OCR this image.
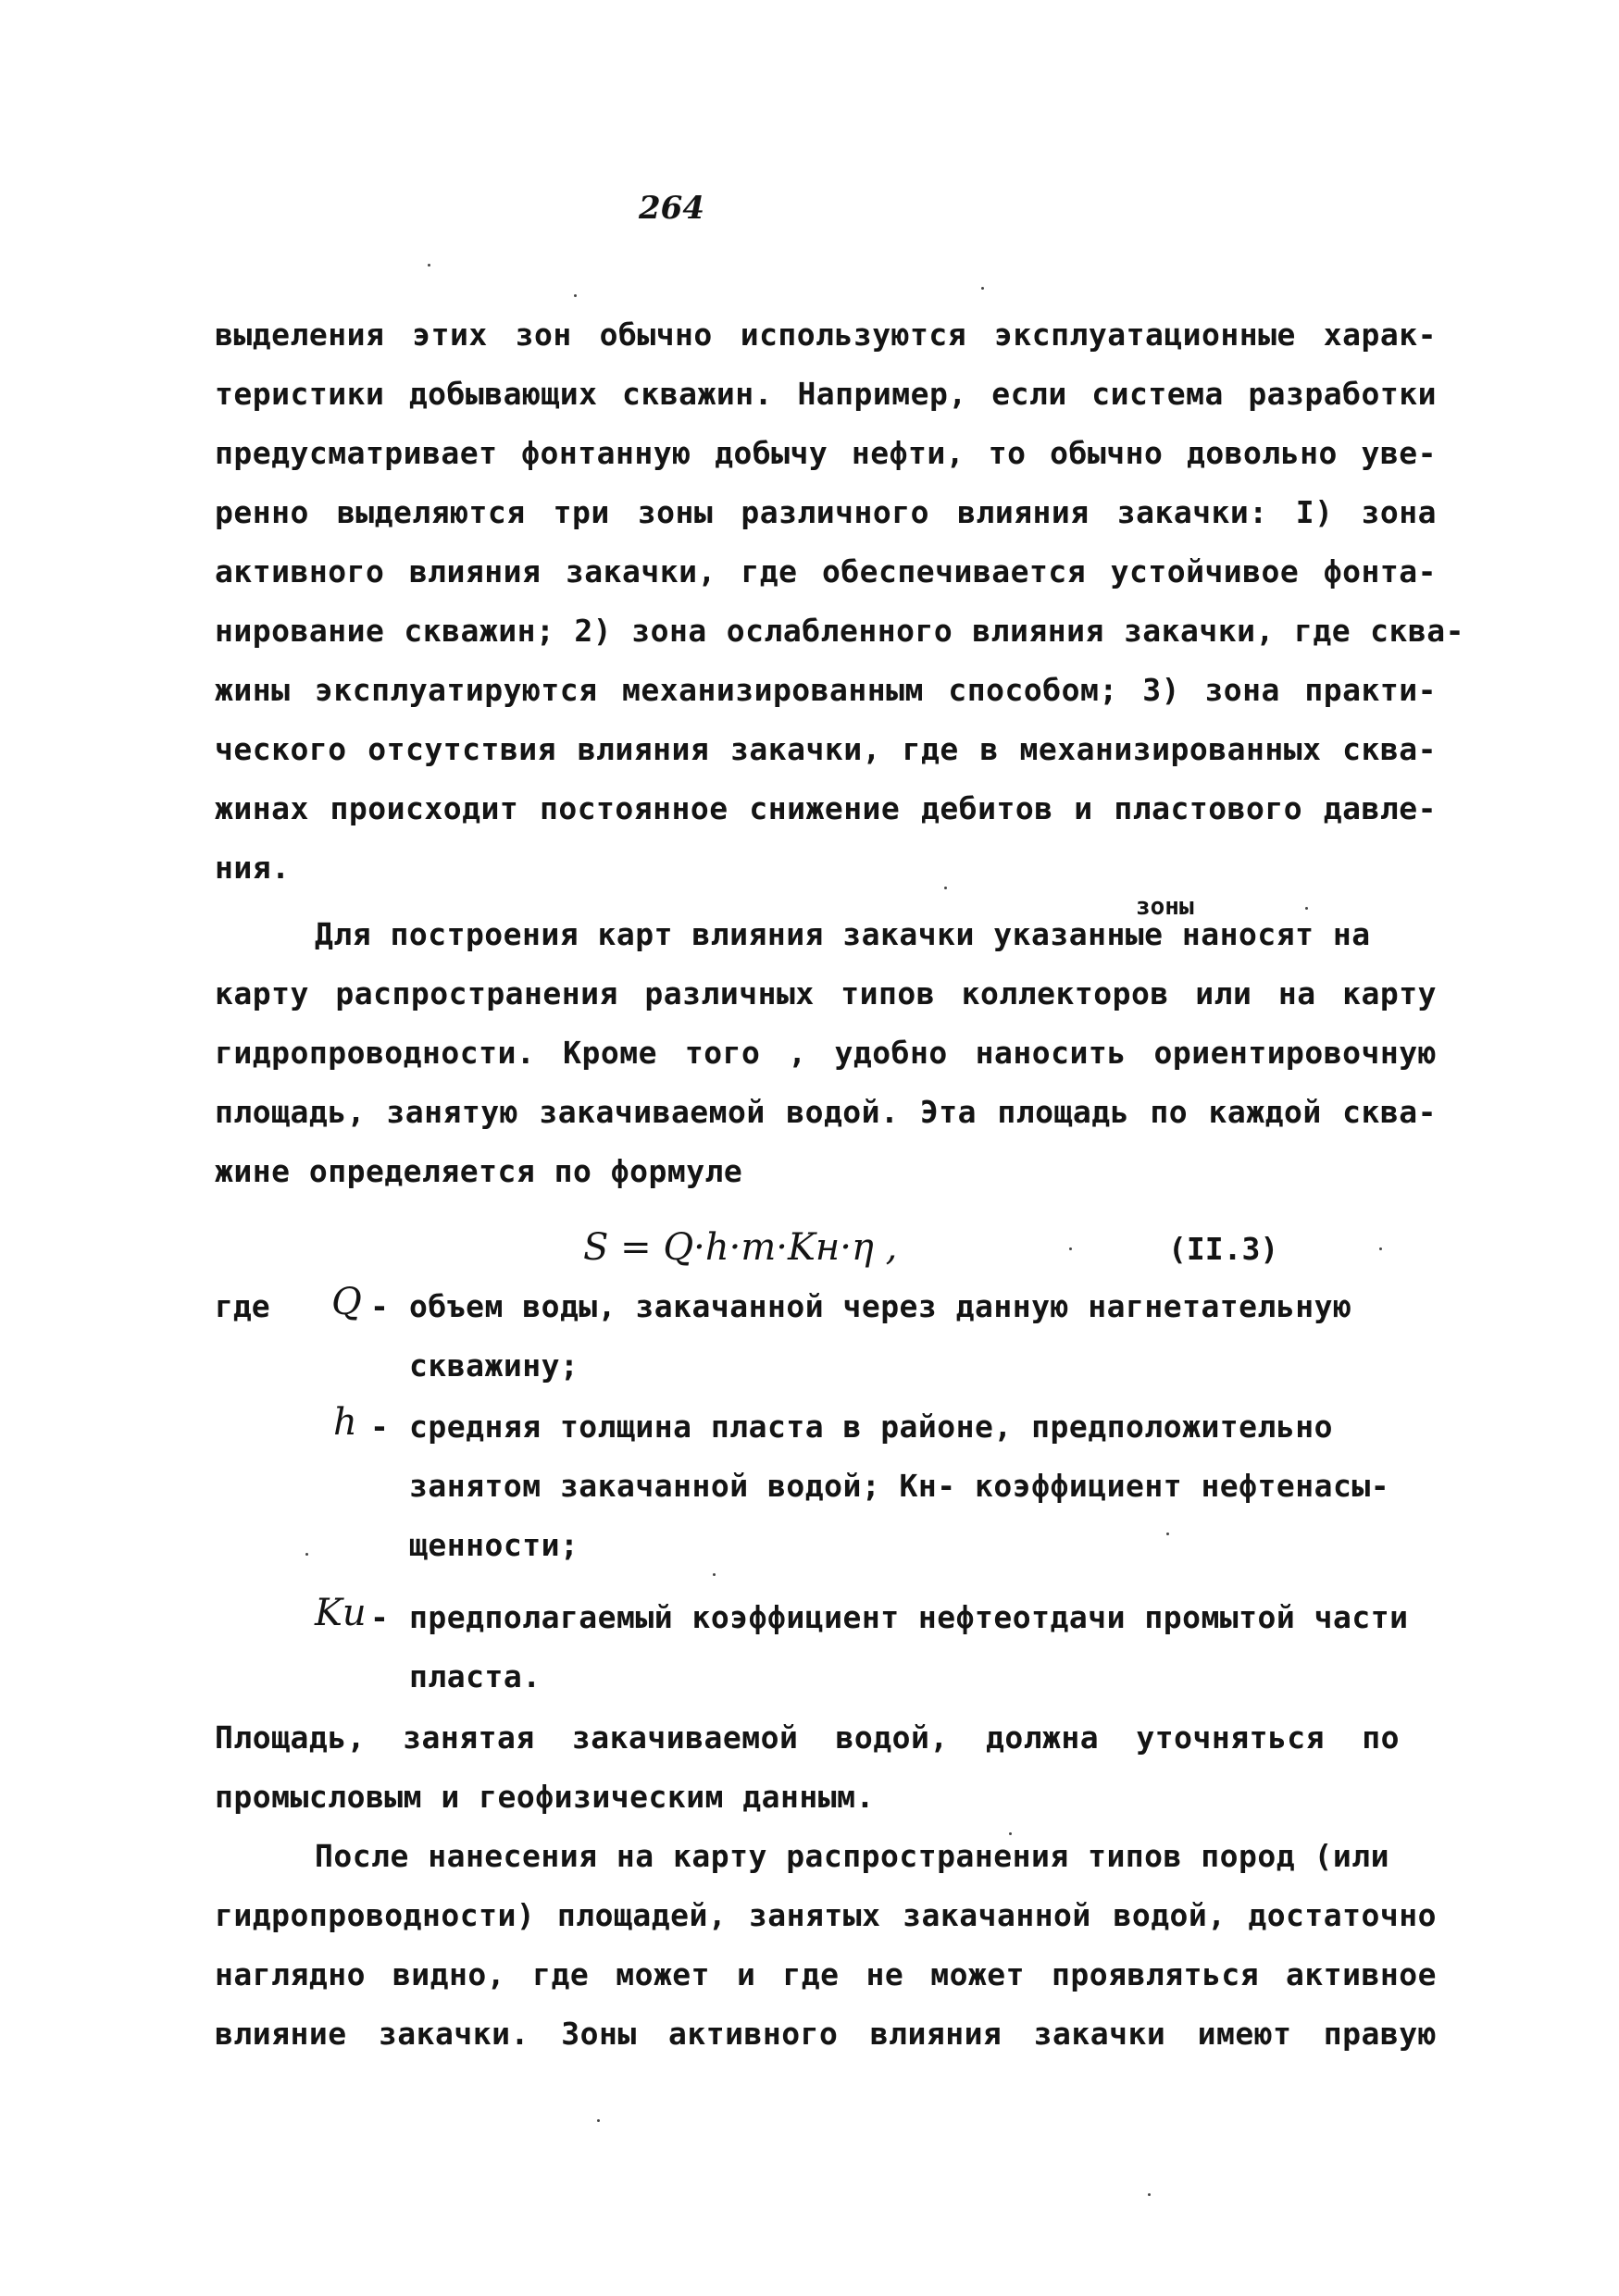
264
выделения этих зон обычно используются эксплуатационные харак-
теристики добывающих скважин. Например, если система разработки
предусматривает фонтанную добычу нефти, то обычно довольно уве-
ренно выделяются три зоны различного влияния закачки: I) зона
активного влияния закачки, где обеспечивается устойчивое фонта-
нирование скважин; 2) зона ослабленного влияния закачки, где сква-
жины эксплуатируются механизированным способом; 3) зона практи-
ческого отсутствия влияния закачки, где в механизированных сква-
жинах происходит постоянное снижение дебитов и пластового давле-
ния.
зоны
Для построения карт влияния закачки указанные наносят на
карту распространения различных типов коллекторов или на карту
гидропроводности. Кроме того , удобно наносить ориентировочную
площадь, занятую закачиваемой водой. Эта площадь по каждой сква-
жине определяется по формуле
S = Q·h·m·Kн·η ,	(II.3)
где Q - объем воды, закачанной через данную нагнетательную
скважину;
h - средняя толщина пласта в районе, предположительно
занятом закачанной водой; Kн- коэффициент нефтенасы-
щенности;
Kи - предполагаемый коэффициент нефтеотдачи промытой части
пласта.
Площадь, занятая закачиваемой водой, должна уточняться по
промысловым и геофизическим данным.
После нанесения на карту распространения типов пород (или
гидропроводности) площадей, занятых закачанной водой, достаточно
наглядно видно, где может и где не может проявляться активное
влияние закачки. Зоны активного влияния закачки имеют правую
